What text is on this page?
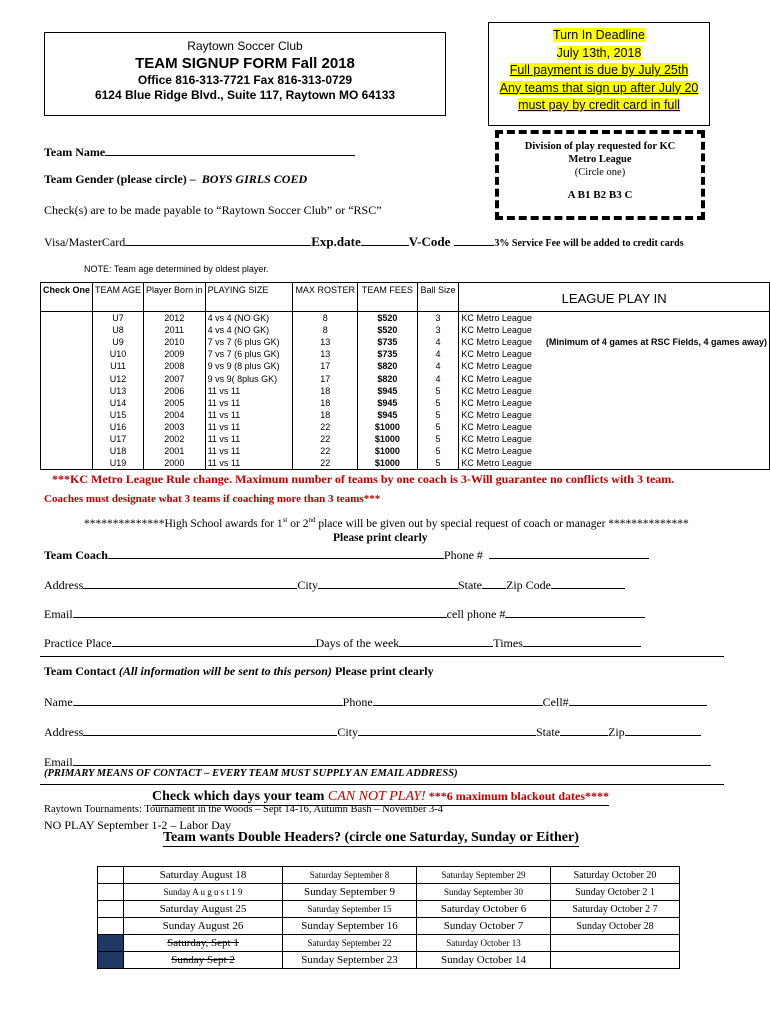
Raytown Soccer Club
TEAM SIGNUP FORM Fall 2018
Office 816-313-7721 Fax 816-313-0729
6124 Blue Ridge Blvd., Suite 117, Raytown MO 64133
Turn In Deadline
July 13th, 2018
Full payment is due by July 25th
Any teams that sign up after July 20
must pay by credit card in full
Division of play requested for KC Metro League
(Circle one)
A B1 B2 B3 C
Team Name
Team Gender (please circle) – BOYS GIRLS COED
Check(s) are to be made payable to “Raytown Soccer Club” or “RSC”
Visa/MasterCard	Exp.date	V-Code	3% Service Fee will be added to credit cards
NOTE: Team age determined by oldest player.
Check One	TEAM AGE	Player Born in	PLAYING SIZE	MAX ROSTER	TEAM FEES	Ball Size	LEAGUE PLAY IN
	U7	2012	4 vs 4 (NO GK)	8	$520	3	KC Metro League
	U8	2011	4 vs 4 (NO GK)	8	$520	3	KC Metro League
	U9	2010	7 vs 7 (6 plus GK)	13	$735	4	KC Metro League (Minimum of 4 games at RSC Fields, 4 games away)
	U10	2009	7 vs 7 (6 plus GK)	13	$735	4	KC Metro League
	U11	2008	9 vs 9 (8 plus GK)	17	$820	4	KC Metro League
	U12	2007	9 vs 9( 8plus GK)	17	$820	4	KC Metro League
	U13	2006	11 vs 11	18	$945	5	KC Metro League
	U14	2005	11 vs 11	18	$945	5	KC Metro League
	U15	2004	11 vs 11	18	$945	5	KC Metro League
	U16	2003	11 vs 11	22	$1000	5	KC Metro League
	U17	2002	11 vs 11	22	$1000	5	KC Metro League
	U18	2001	11 vs 11	22	$1000	5	KC Metro League
	U19	2000	11 vs 11	22	$1000	5	KC Metro League
***KC Metro League Rule change. Maximum number of teams by one coach is 3-Will guarantee no conflicts with 3 team.
Coaches must designate what 3 teams if coaching more than 3 teams***
**************High School awards for 1st or 2nd place will be given out by special request of coach or manager **************
Please print clearly
Team Coach	Phone #
Address	City	State Zip Code
Email	cell phone #
Practice Place	Days of the week	Times
Team Contact (All information will be sent to this person) Please print clearly
Name	Phone	Cell#
Address	City	State	Zip
Email
(PRIMARY MEANS OF CONTACT – EVERY TEAM MUST SUPPLY AN EMAIL ADDRESS)
Check which days your team CAN NOT PLAY! ***6 maximum blackout dates****
Raytown Tournaments: Tournament in the Woods – Sept 14-16, Autumn Bash – November 3-4
NO PLAY September 1-2 – Labor Day
Team wants Double Headers? (circle one Saturday, Sunday or Either)
	Saturday August 18	Saturday September 8	Saturday September 29	Saturday October 20
	Sunday A u g u s t 1 9	Sunday September 9	Sunday September 30	Sunday October 2 1
	Saturday August 25	Saturday September 15	Saturday October 6	Saturday October 2 7
	Sunday August 26	Sunday September 16	Sunday October 7	Sunday October 28
	Saturday, Sept 1	Saturday September 22	Saturday October 13	
	Sunday Sept 2	Sunday September 23	Sunday October 14	
